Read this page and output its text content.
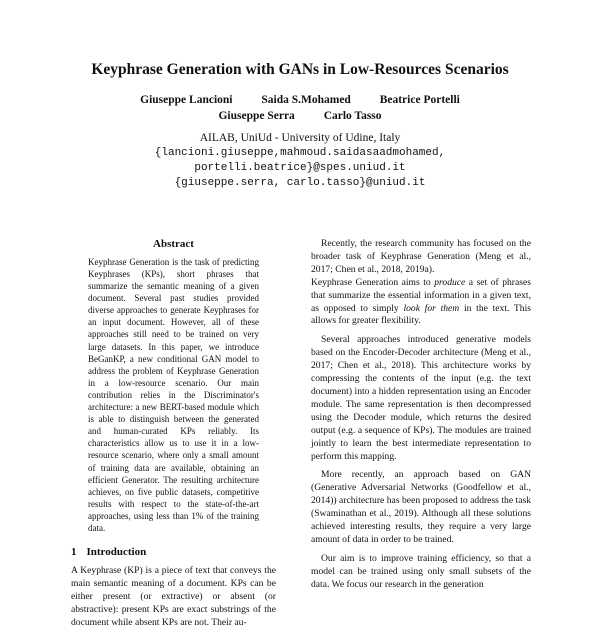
Keyphrase Generation with GANs in Low-Resources Scenarios
Giuseppe Lancioni	Saida S.Mohamed	Beatrice Portelli
Giuseppe Serra	Carlo Tasso
AILAB, UniUd - University of Udine, Italy
{lancioni.giuseppe,mahmoud.saidasaadmohamed,
portelli.beatrice}@spes.uniud.it
{giuseppe.serra, carlo.tasso}@uniud.it
Abstract

Keyphrase Generation is the task of predicting Keyphrases (KPs), short phrases that summarize the semantic meaning of a given document. Several past studies provided diverse approaches to generate Keyphrases for an input document. However, all of these approaches still need to be trained on very large datasets. In this paper, we introduce BeGanKP, a new conditional GAN model to address the problem of Keyphrase Generation in a low-resource scenario. Our main contribution relies in the Discriminator's architecture: a new BERT-based module which is able to distinguish between the generated and human-curated KPs reliably. Its characteristics allow us to use it in a low-resource scenario, where only a small amount of training data are available, obtaining an efficient Generator. The resulting architecture achieves, on five public datasets, competitive results with respect to the state-of-the-art approaches, using less than 1% of the training data.

1 Introduction

A Keyphrase (KP) is a piece of text that conveys the main semantic meaning of a document. KPs can be either present (or extractive) or absent (or abstractive): present KPs are exact substrings of the document while absent KPs are not. Their au-

Recently, the research community has focused on the broader task of Keyphrase Generation (Meng et al., 2017; Chen et al., 2018, 2019a).

Keyphrase Generation aims to produce a set of phrases that summarize the essential information in a given text, as opposed to simply look for them in the text. This allows for greater flexibility.

Several approaches introduced generative models based on the Encoder-Decoder architecture (Meng et al., 2017; Chen et al., 2018). This architecture works by compressing the contents of the input (e.g. the text document) into a hidden representation using an Encoder module. The same representation is then decompressed using the Decoder module, which returns the desired output (e.g. a sequence of KPs). The modules are trained jointly to learn the best intermediate representation to perform this mapping.

More recently, an approach based on GAN (Generative Adversarial Networks (Goodfellow et al., 2014)) architecture has been proposed to address the task (Swaminathan et al., 2019). Although all these solutions achieved interesting results, they require a very large amount of data in order to be trained.

Our aim is to improve training efficiency, so that a model can be trained using only small subsets of the data. We focus our research in the generation
